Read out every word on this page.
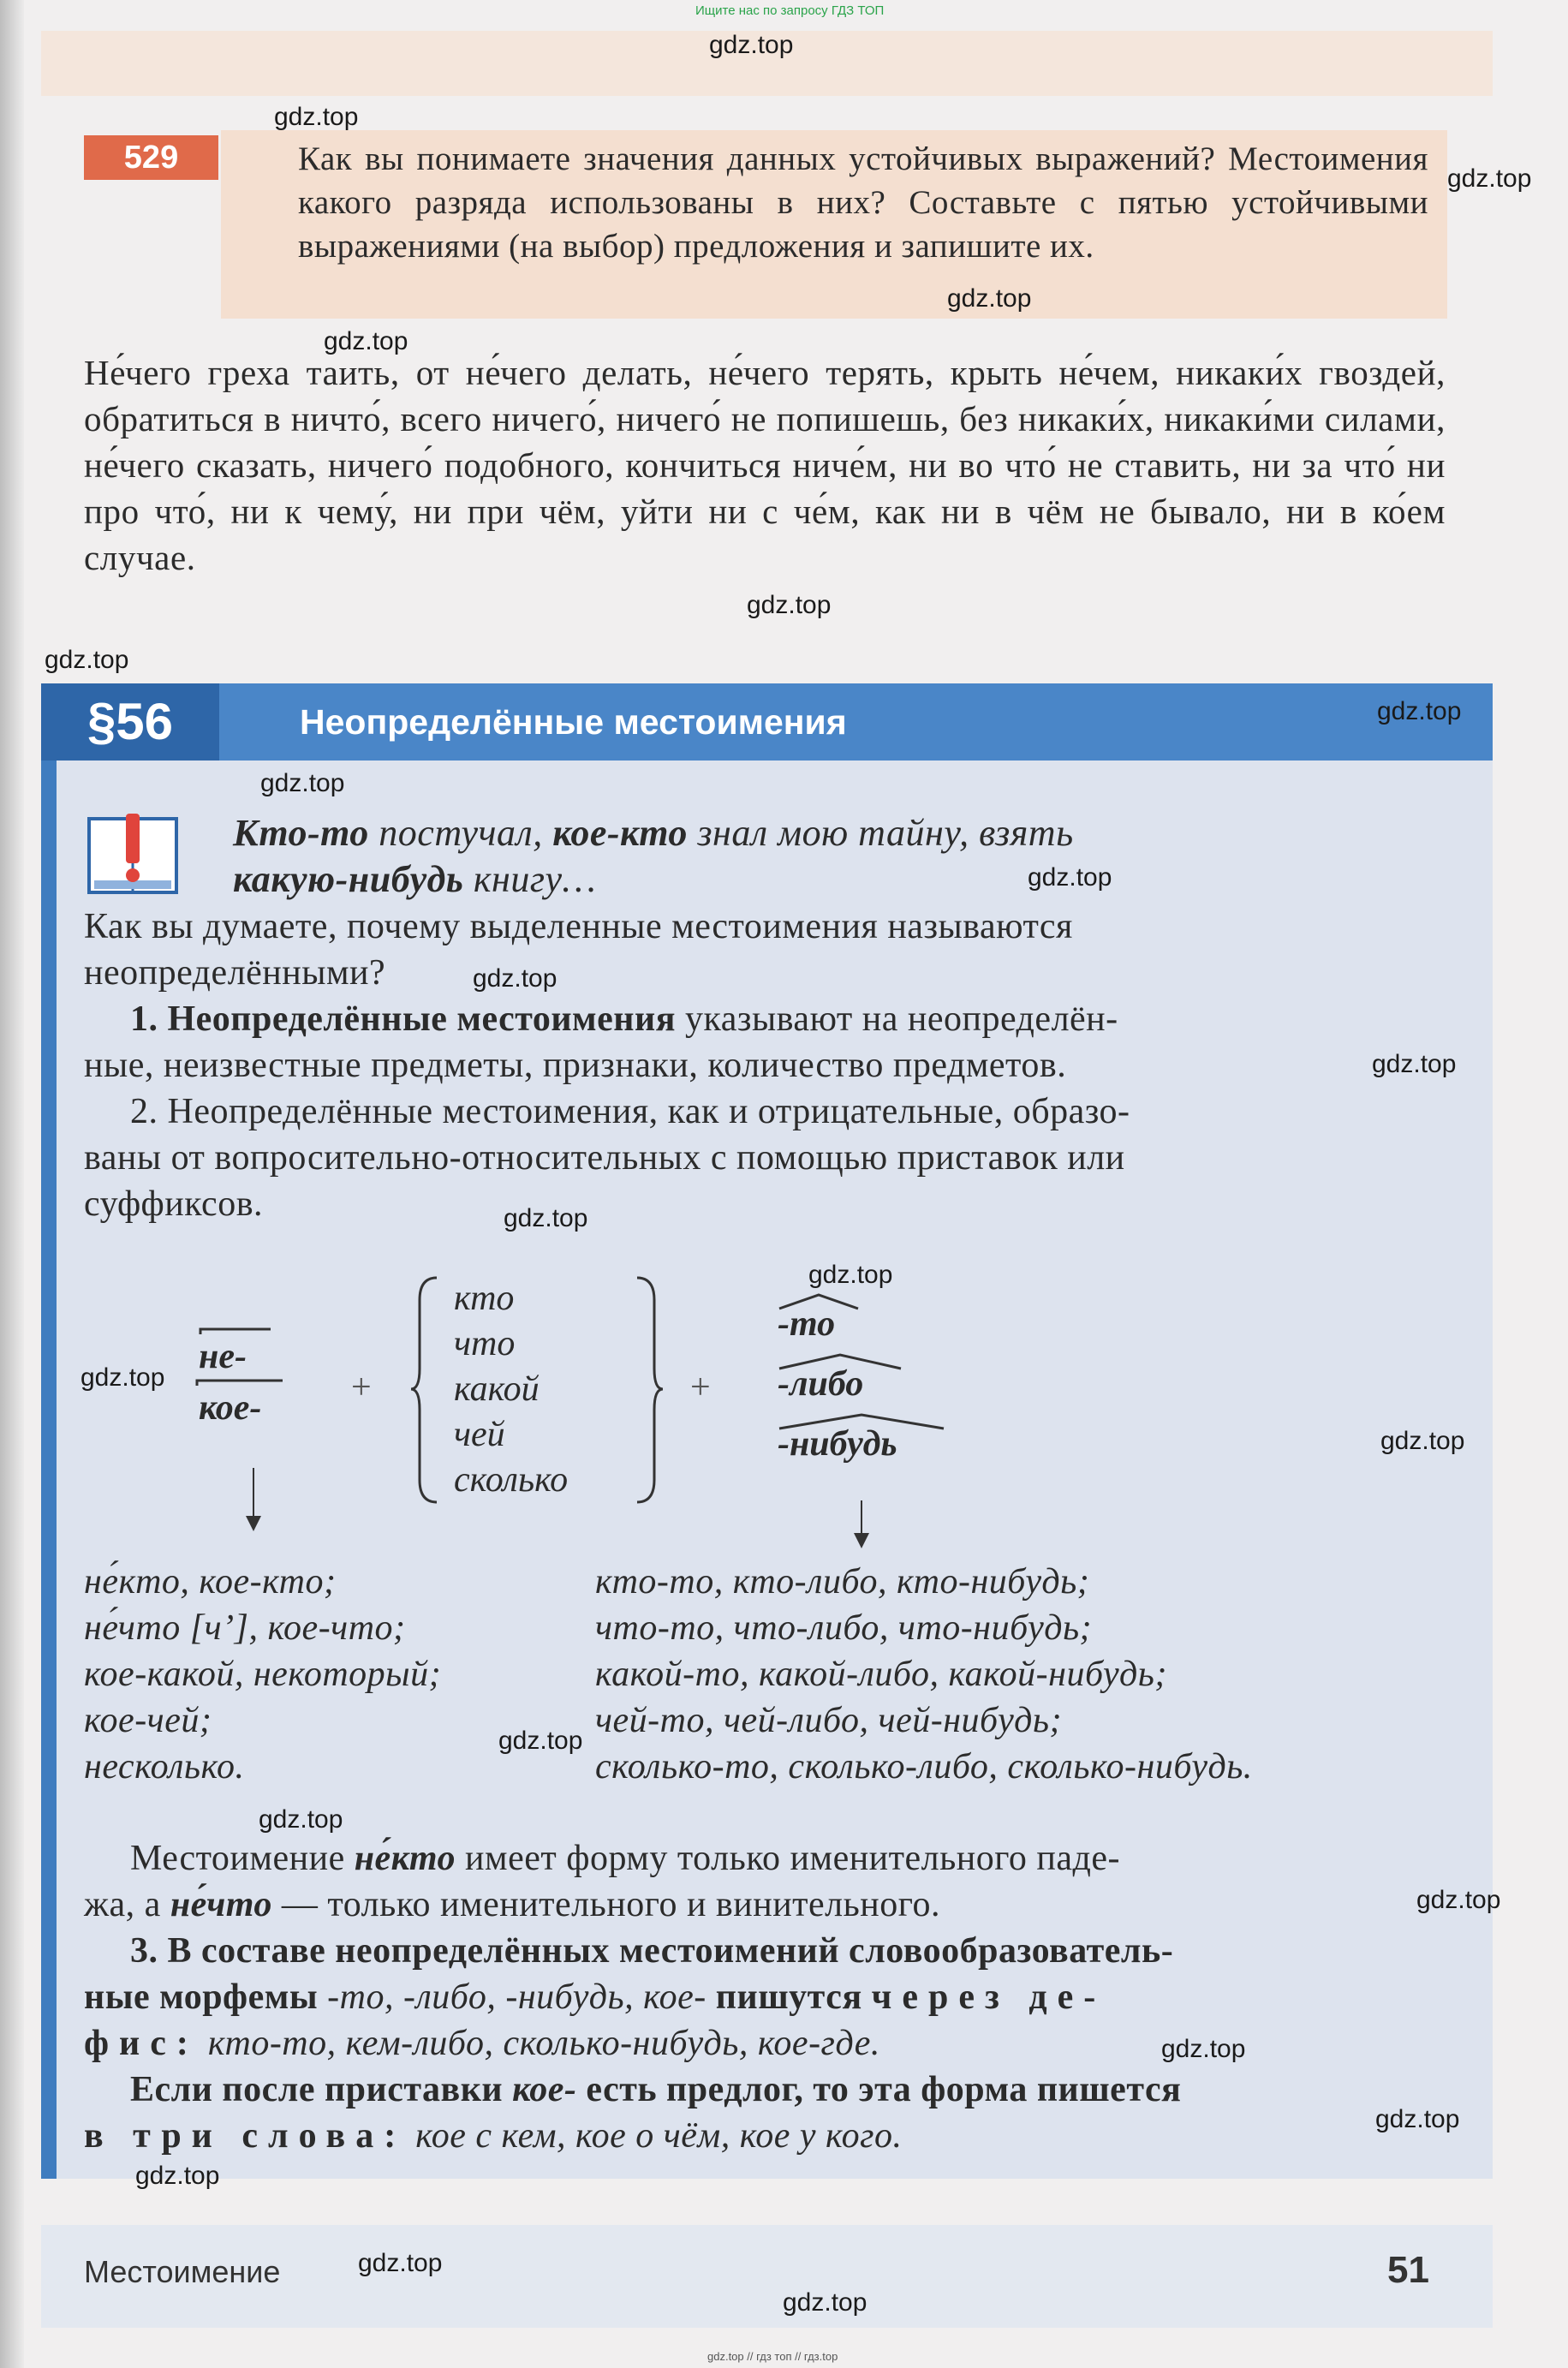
Ищите нас по запросу ГДЗ ТОП
529	Как вы понимаете значения данных устойчивых выражений? Местоимения какого разряда использованы в них? Составьте с пятью устойчивыми выражениями (на выбор) предложения и запишите их.

Не́чего греха таить, от не́чего делать, не́чего терять, крыть не́чем, никаки́х гвоздей, обратиться в ничто́, всего ничего́, ничего́ не попишешь, без никаки́х, никаки́ми силами, не́чего сказать, ничего́ подобного, кончиться ниче́м, ни во что́ не ставить, ни за что́ ни про что́, ни к чему́, ни при чём, уйти ни с че́м, как ни в чём не бывало, ни в ко́ем случае.

§56	Неопределённые местоимения
Кто-то постучал, кое-кто знал мою тайну, взять
какую-нибудь книгу…
Как вы думаете, почему выделенные местоимения называются
неопределёнными?
1. Неопределённые местоимения указывают на неопределён-
ные, неизвестные предметы, признаки, количество предметов.
2. Неопределённые местоимения, как и отрицательные, образо-
ваны от вопросительно-относительных с помощью приставок или
суффиксов.
не-
кое-
+
кто
что
какой
чей
сколько
+
-то
-либо
-нибудь
не́кто, кое-кто;
не́что [ч’], кое-что;
кое-какой, некоторый;
кое-чей;
несколько.
кто-то, кто-либо, кто-нибудь;
что-то, что-либо, что-нибудь;
какой-то, какой-либо, какой-нибудь;
чей-то, чей-либо, чей-нибудь;
сколько-то, сколько-либо, сколько-нибудь.
Местоимение не́кто имеет форму только именительного паде-
жа, а не́что — только именительного и винительного.
3. В составе неопределённых местоимений словообразователь-
ные морфемы -то, -либо, -нибудь, кое- пишутся через де-
фис: кто-то, кем-либо, сколько-нибудь, кое-где.
Если после приставки кое- есть предлог, то эта форма пишется
в три слова: кое с кем, кое о чём, кое у кого.
Местоимение	51
gdz.top
gdz.top
gdz.top
gdz.top
gdz.top
gdz.top
gdz.top
gdz.top
gdz.top
gdz.top
gdz.top
gdz.top
gdz.top
gdz.top
gdz.top
gdz.top
gdz.top
gdz.top
gdz.top
gdz.top
gdz.top
gdz.top
gdz.top
gdz.top
gdz.top // гдз топ // гдз.top
